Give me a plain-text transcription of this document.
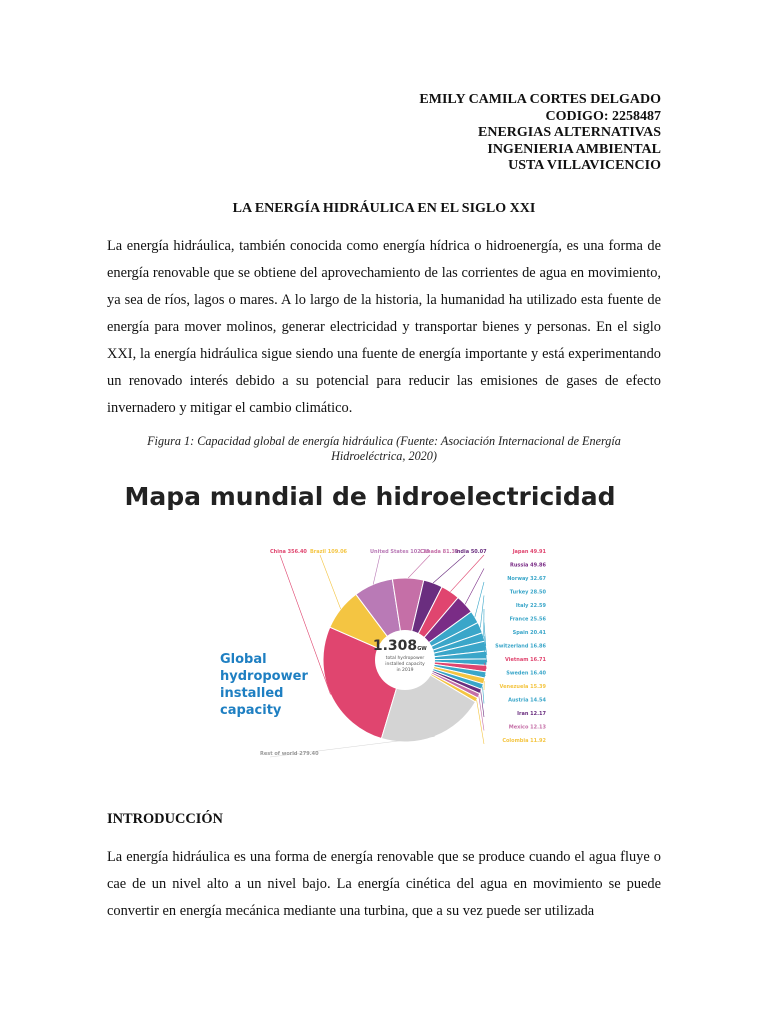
EMILY CAMILA CORTES DELGADO
CODIGO: 2258487
ENERGIAS ALTERNATIVAS
INGENIERIA AMBIENTAL
USTA VILLAVICENCIO
LA ENERGÍA HIDRÁULICA EN EL SIGLO XXI
La energía hidráulica, también conocida como energía hídrica o hidroenergía, es una forma de energía renovable que se obtiene del aprovechamiento de las corrientes de agua en movimiento, ya sea de ríos, lagos o mares. A lo largo de la historia, la humanidad ha utilizado esta fuente de energía para mover molinos, generar electricidad y transportar bienes y personas. En el siglo XXI, la energía hidráulica sigue siendo una fuente de energía importante y está experimentando un renovado interés debido a su potencial para reducir las emisiones de gases de efecto invernadero y mitigar el cambio climático.
Figura 1: Capacidad global de energía hidráulica (Fuente: Asociación Internacional de Energía Hidroeléctrica, 2020)
Mapa mundial de hidroelectricidad
China 356.40 Brazil 109.06	United States 102.75
Canada 81.39
India 50.07	Japan 49.91
Russia 49.86
Norway 32.67
Turkey 28.50
Italy 22.59
France 25.56
Spain 20.41
Switzerland 16.86
Vietnam 16.71
Sweden 16.40
Venezuela 15.39
Austria 14.54
Iran 12.17
Mexico 12.13
Colombia 11.92
Rest of world 279.40
1.308 GW
total hydropower
installed capacity
in 2019
Global
hydropower
installed
capacity
INTRODUCCIÓN
La energía hidráulica es una forma de energía renovable que se produce cuando el agua fluye o cae de un nivel alto a un nivel bajo. La energía cinética del agua en movimiento se puede convertir en energía mecánica mediante una turbina, que a su vez puede ser utilizada
